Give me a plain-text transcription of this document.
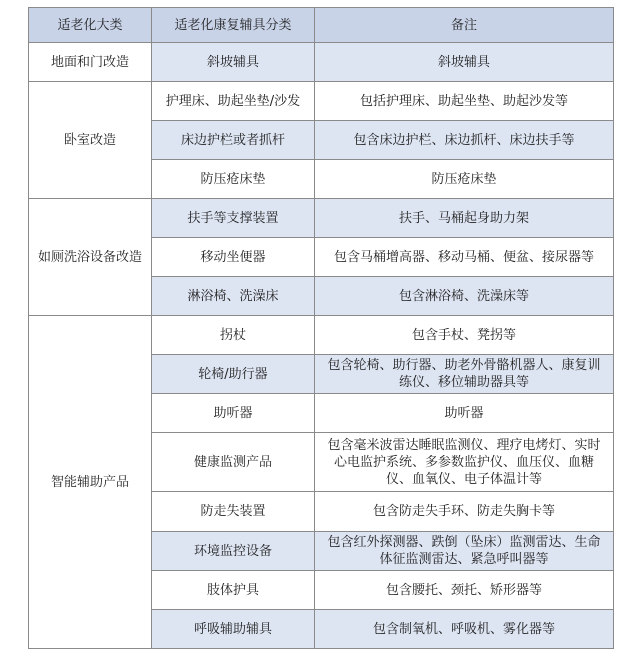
适老化大类	适老化康复辅具分类	备注
地面和门改造	斜坡辅具	斜坡辅具
卧室改造	护理床、助起坐垫/沙发	包括护理床、助起坐垫、助起沙发等
	床边护栏或者抓杆	包含床边护栏、床边抓杆、床边扶手等
	防压疮床垫	防压疮床垫
如厕洗浴设备改造	扶手等支撑装置	扶手、马桶起身助力架
	移动坐便器	包含马桶增高器、移动马桶、便盆、接尿器等
	淋浴椅、洗澡床	包含淋浴椅、洗澡床等
智能辅助产品	拐杖	包含手杖、凳拐等
	轮椅/助行器	包含轮椅、助行器、助老外骨骼机器人、康复训练仪、移位辅助器具等
	助听器	助听器
	健康监测产品	包含毫米波雷达睡眠监测仪、理疗电烤灯、实时心电监护系统、多参数监护仪、血压仪、血糖仪、血氧仪、电子体温计等
	防走失装置	包含防走失手环、防走失胸卡等
	环境监控设备	包含红外探测器、跌倒（坠床）监测雷达、生命体征监测雷达、紧急呼叫器等
	肢体护具	包含腰托、颈托、矫形器等
	呼吸辅助辅具	包含制氧机、呼吸机、雾化器等
